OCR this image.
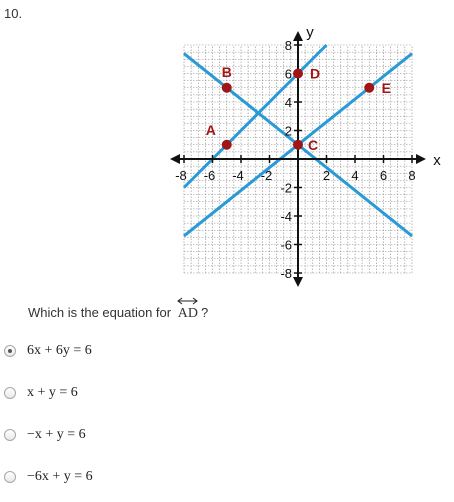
10.
-8 -6 -4 -2	2 4 6 8
8
6
4
2
-2
-4
-6
-8
x
y
A
B
C
D
E
Which is the equation for AD ?
6x + 6y = 6
x + y = 6
−x + y = 6
−6x + y = 6
